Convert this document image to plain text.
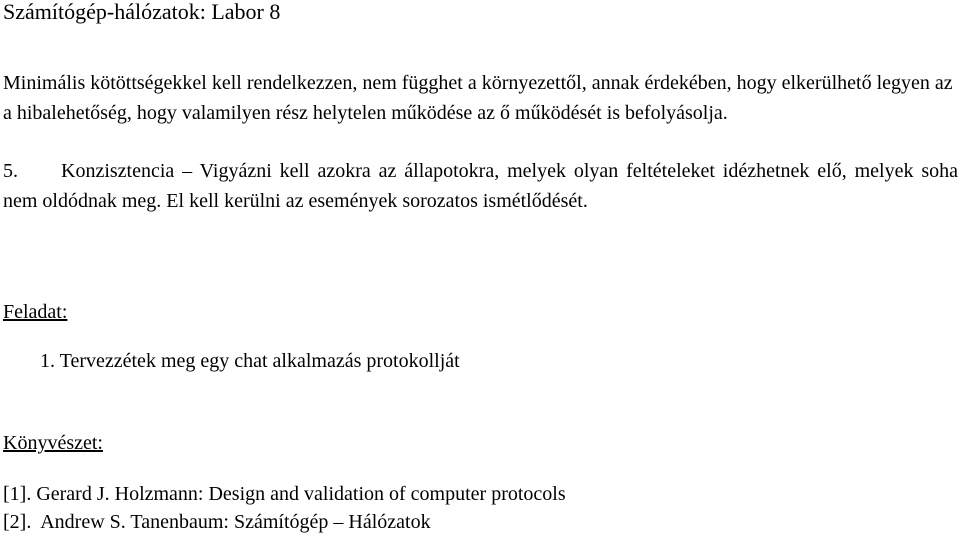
Számítógép-hálózatok: Labor 8
Minimális kötöttségekkel kell rendelkezzen, nem függhet a környezettől, annak érdekében, hogy elkerülhető legyen az a hibalehetőség, hogy valamilyen rész helytelen működése az ő működését is befolyásolja.
5. Konzisztencia – Vigyázni kell azokra az állapotokra, melyek olyan feltételeket idézhetnek elő, melyek soha nem oldódnak meg. El kell kerülni az események sorozatos ismétlődését.
Feladat:
1. Tervezzétek meg egy chat alkalmazás protokollját
Könyvészet:
[1]. Gerard J. Holzmann: Design and validation of computer protocols
[2].  Andrew S. Tanenbaum: Számítógép – Hálózatok
